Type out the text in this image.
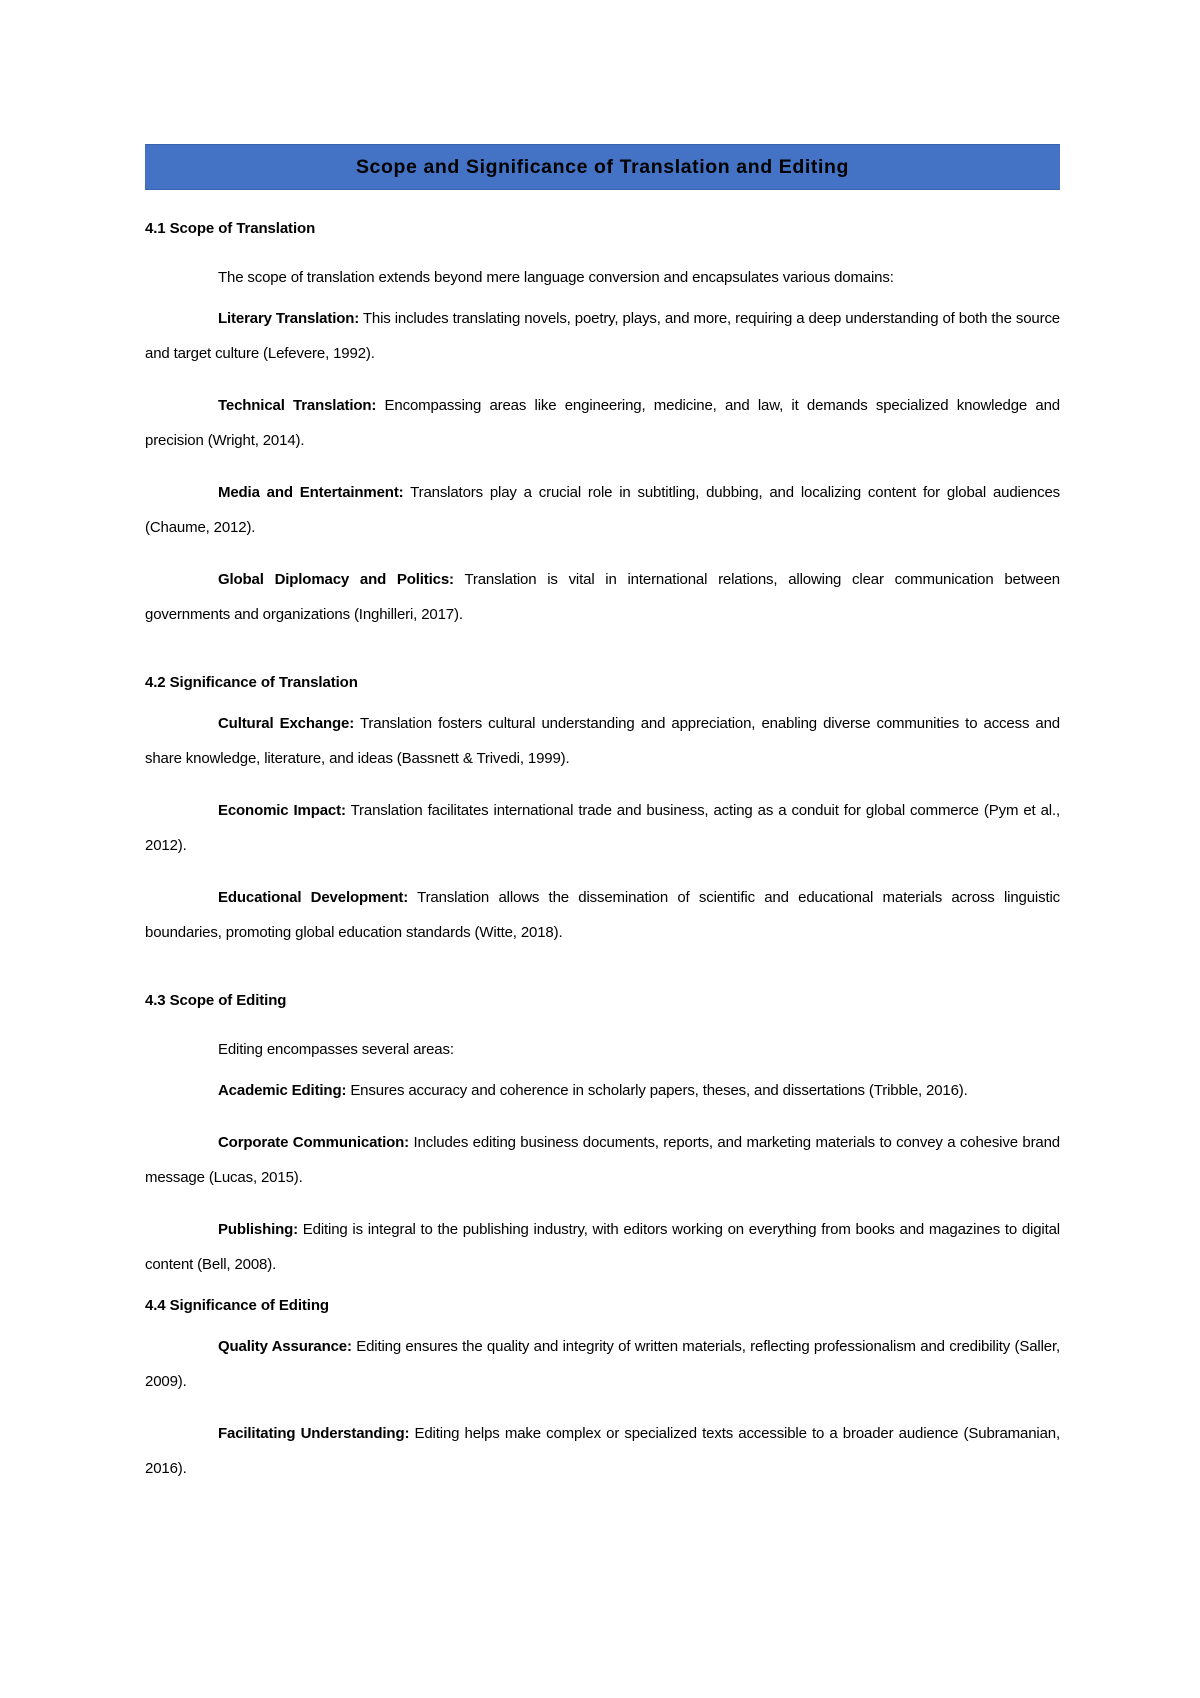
Scope and Significance of Translation and Editing

4.1 Scope of Translation

The scope of translation extends beyond mere language conversion and encapsulates various domains:

Literary Translation: This includes translating novels, poetry, plays, and more, requiring a deep understanding of both the source and target culture (Lefevere, 1992).

Technical Translation: Encompassing areas like engineering, medicine, and law, it demands specialized knowledge and precision (Wright, 2014).

Media and Entertainment: Translators play a crucial role in subtitling, dubbing, and localizing content for global audiences (Chaume, 2012).

Global Diplomacy and Politics: Translation is vital in international relations, allowing clear communication between governments and organizations (Inghilleri, 2017).

4.2 Significance of Translation

Cultural Exchange: Translation fosters cultural understanding and appreciation, enabling diverse communities to access and share knowledge, literature, and ideas (Bassnett & Trivedi, 1999).

Economic Impact: Translation facilitates international trade and business, acting as a conduit for global commerce (Pym et al., 2012).

Educational Development: Translation allows the dissemination of scientific and educational materials across linguistic boundaries, promoting global education standards (Witte, 2018).

4.3 Scope of Editing

Editing encompasses several areas:

Academic Editing: Ensures accuracy and coherence in scholarly papers, theses, and dissertations (Tribble, 2016).

Corporate Communication: Includes editing business documents, reports, and marketing materials to convey a cohesive brand message (Lucas, 2015).

Publishing: Editing is integral to the publishing industry, with editors working on everything from books and magazines to digital content (Bell, 2008).

4.4 Significance of Editing

Quality Assurance: Editing ensures the quality and integrity of written materials, reflecting professionalism and credibility (Saller, 2009).

Facilitating Understanding: Editing helps make complex or specialized texts accessible to a broader audience (Subramanian, 2016).
